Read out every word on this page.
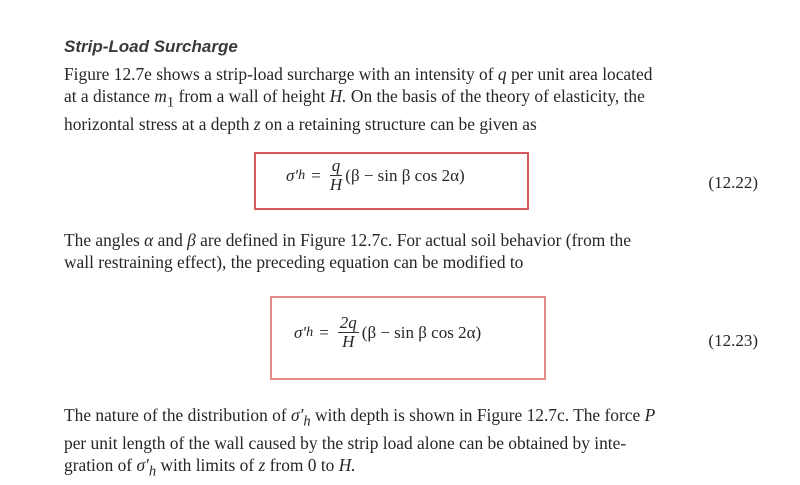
Strip-Load Surcharge
Figure 12.7e shows a strip-load surcharge with an intensity of q per unit area located
at a distance $m_1$ from a wall of height H. On the basis of the theory of elasticity, the
horizontal stress at a depth z on a retaining structure can be given as
σ′ $h = \frac{q}{H} (\beta - \sin \beta$ cos 2α)	(12.22)
The angles α and β are defined in Figure 12.7c. For actual soil behavior (from the
wall restraining effect), the preceding equation can be modified to
σ′ $h = \frac{2q}{H} (\beta - \sin \beta$ cos 2α)	(12.23)
The nature of the distribution of $\sigma'_h$ with depth is shown in Figure 12.7c. The force P
per unit length of the wall caused by the strip load alone can be obtained by inte-
gration of $\sigma'_h$ with limits of z from 0 to H.
